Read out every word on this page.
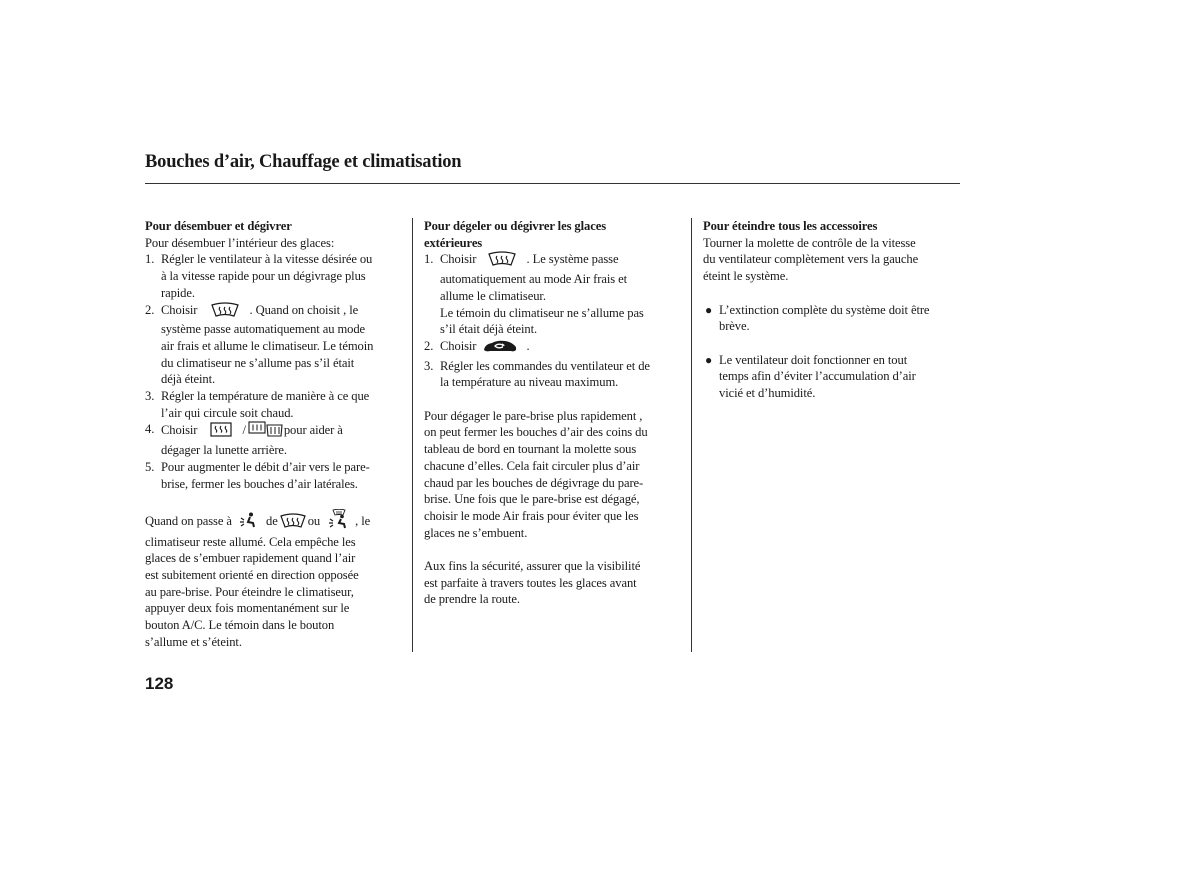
Bouches d’air, Chauffage et climatisation
Pour désembuer et dégivrer
Pour désembuer l’intérieur des glaces:
1. Régler le ventilateur à la vitesse désirée ou
à la vitesse rapide pour un dégivrage plus
rapide.
2. Choisir	. Quand on choisit , le
système passe automatiquement au mode
air frais et allume le climatiseur. Le témoin
du climatiseur ne s’allume pas s’il était
déjà éteint.
3. Régler la température de manière à ce que
l’air qui circule soit chaud.
4. Choisir	/	pour aider à
dégager la lunette arrière.
5. Pour augmenter le débit d’air vers le pare-
brise, fermer les bouches d’air latérales.
Quand on passe à	de ou	, le
climatiseur reste allumé. Cela empêche les
glaces de s’embuer rapidement quand l’air
est subitement orienté en direction opposée
au pare-brise. Pour éteindre le climatiseur,
appuyer deux fois momentanément sur le
bouton A/C. Le témoin dans le bouton
s’allume et s’éteint.
Pour dégeler ou dégivrer les glaces
extérieures
1. Choisir	. Le système passe
automatiquement au mode Air frais et
allume le climatiseur.
Le témoin du climatiseur ne s’allume pas
s’il était déjà éteint.
2. Choisir	.
3. Régler les commandes du ventilateur et de
la température au niveau maximum.
Pour dégager le pare-brise plus rapidement ,
on peut fermer les bouches d’air des coins du
tableau de bord en tournant la molette sous
chacune d’elles. Cela fait circuler plus d’air
chaud par les bouches de dégivrage du pare-
brise. Une fois que le pare-brise est dégagé,
choisir le mode Air frais pour éviter que les
glaces ne s’embuent.
Aux fins la sécurité, assurer que la visibilité
est parfaite à travers toutes les glaces avant
de prendre la route.
Pour éteindre tous les accessoires
Tourner la molette de contrôle de la vitesse
du ventilateur complètement vers la gauche
éteint le système.
● L’extinction complète du système doit être
brève.
● Le ventilateur doit fonctionner en tout
temps afin d’éviter l’accumulation d’air
vicié et d’humidité.
128
